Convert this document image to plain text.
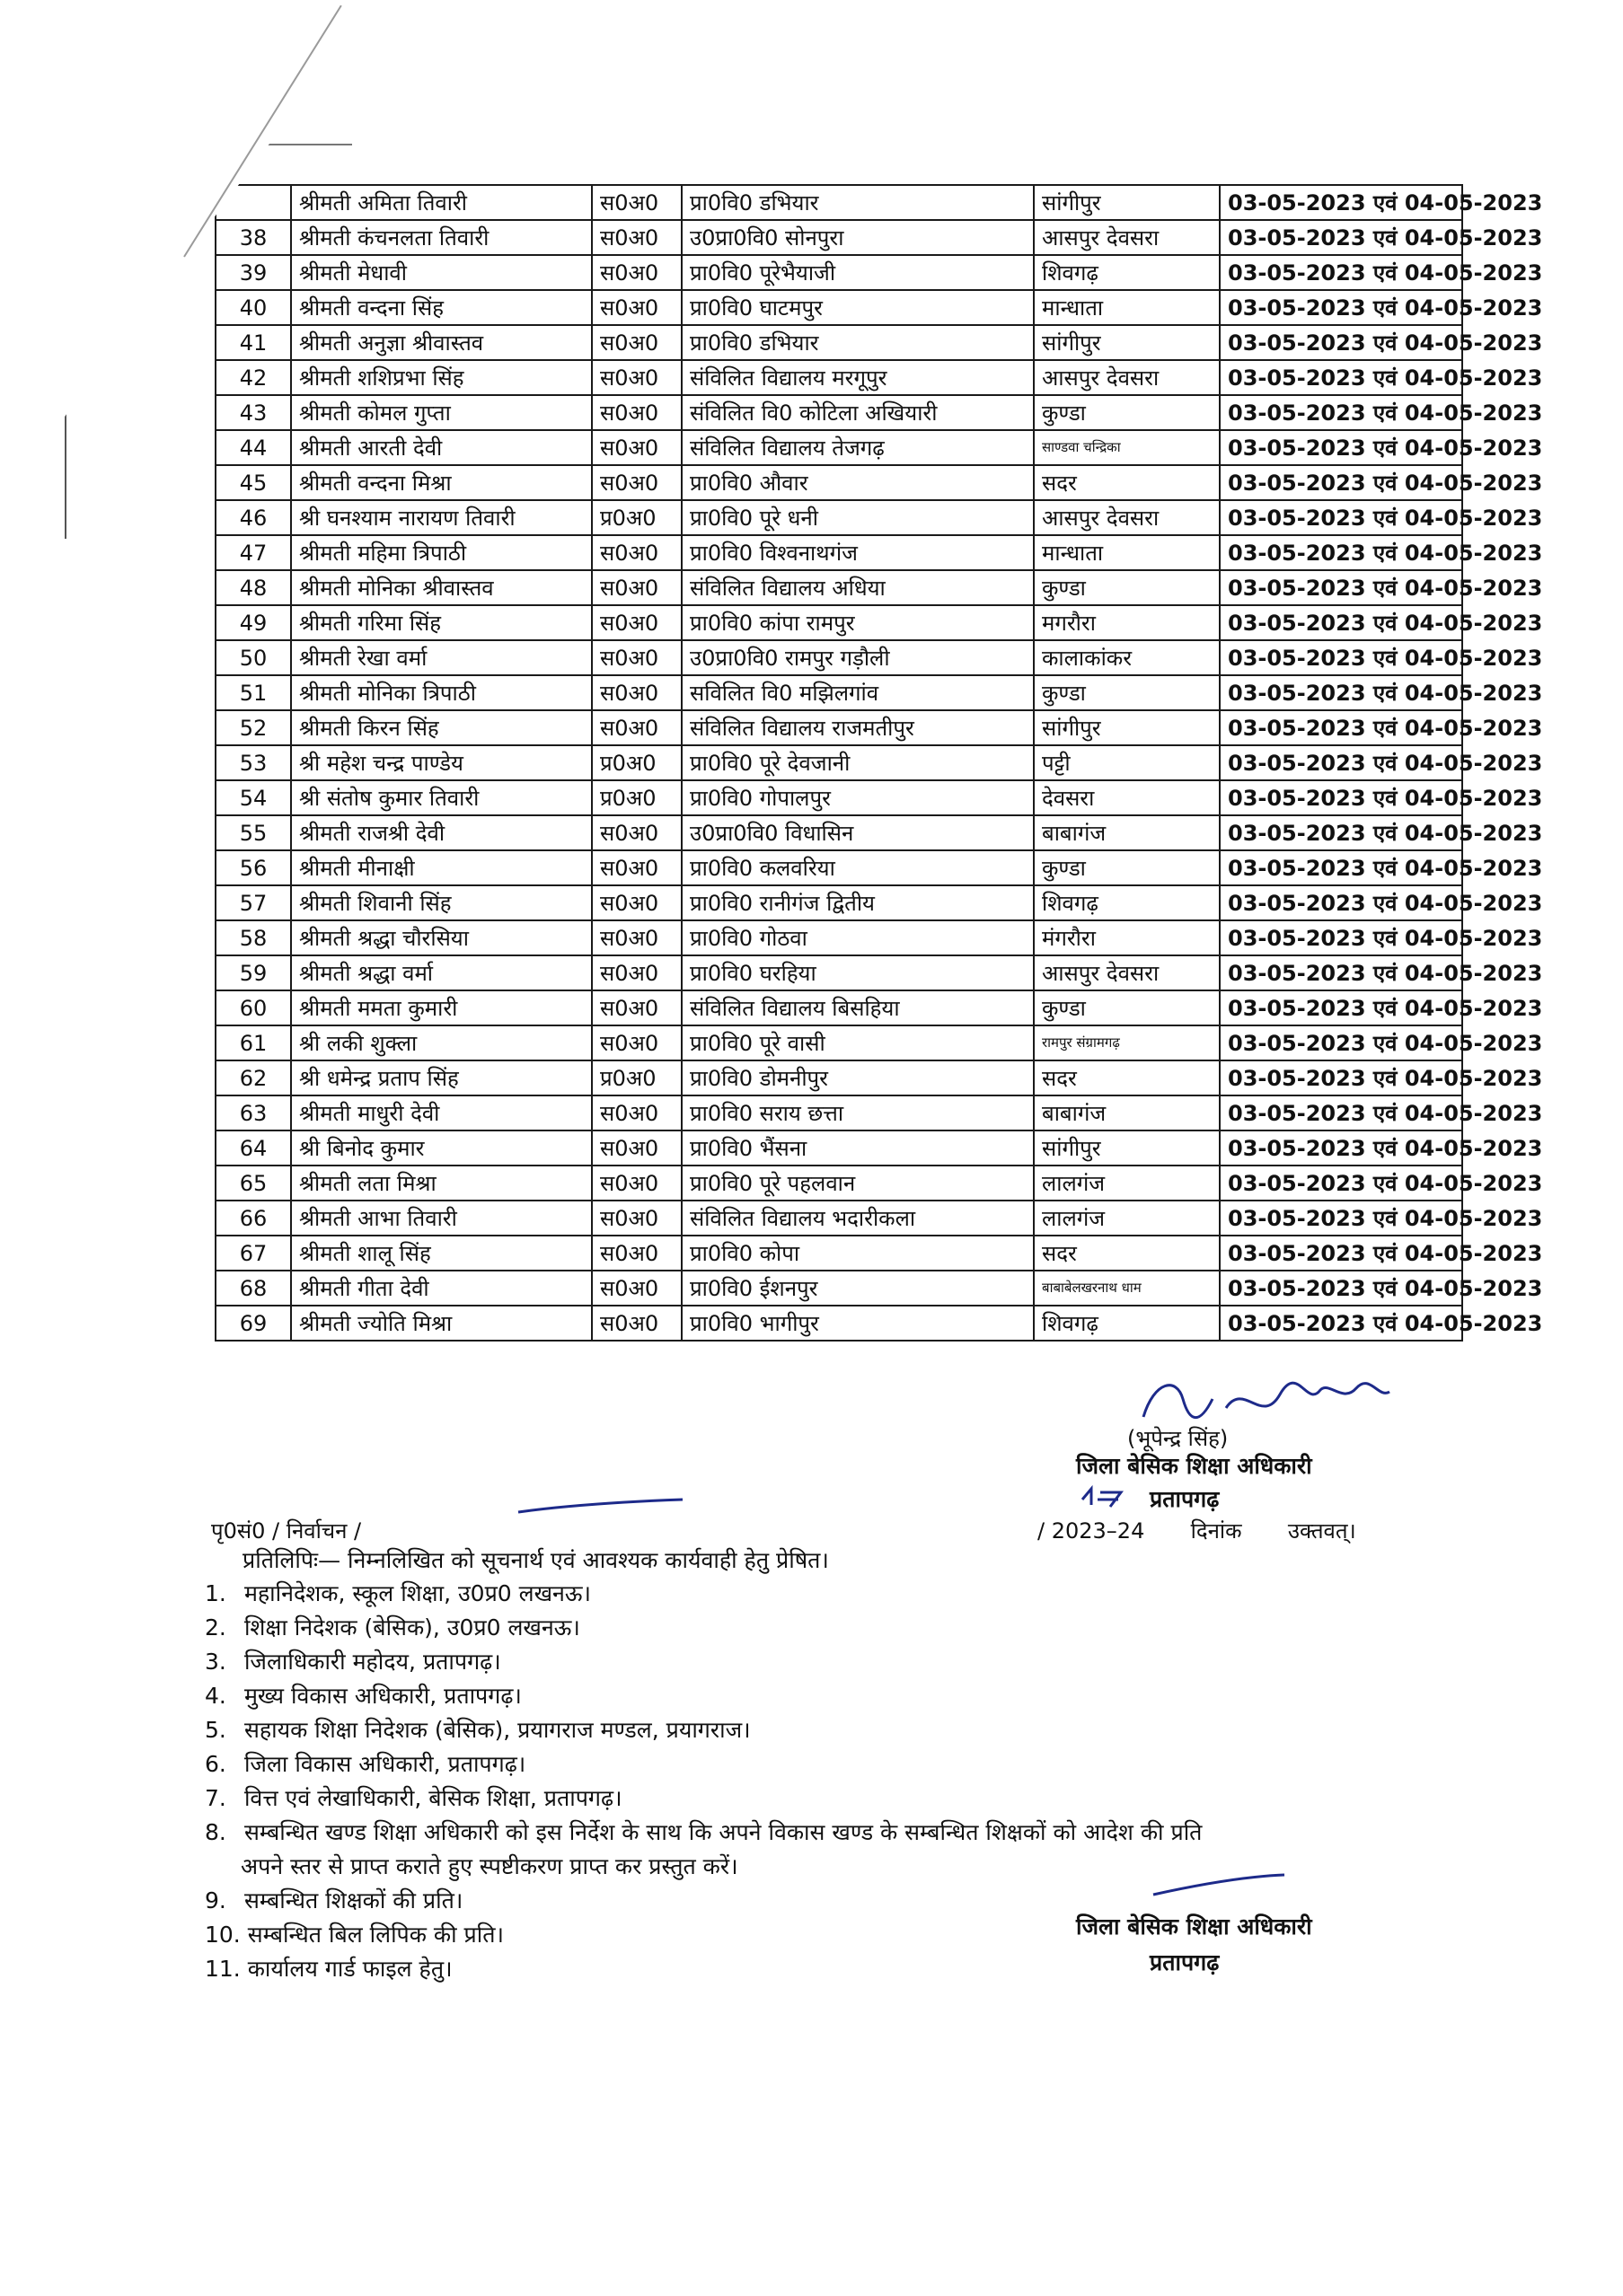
	श्रीमती अमिता तिवारी	स0अ0	प्रा0वि0 डभियार	सांगीपुर	03-05-2023 एवं 04-05-2023
38	श्रीमती कंचनलता तिवारी	स0अ0	उ0प्रा0वि0 सोनपुरा	आसपुर देवसरा	03-05-2023 एवं 04-05-2023
39	श्रीमती मेधावी	स0अ0	प्रा0वि0 पूरेभैयाजी	शिवगढ़	03-05-2023 एवं 04-05-2023
40	श्रीमती वन्दना सिंह	स0अ0	प्रा0वि0 घाटमपुर	मान्धाता	03-05-2023 एवं 04-05-2023
41	श्रीमती अनुज्ञा श्रीवास्तव	स0अ0	प्रा0वि0 डभियार	सांगीपुर	03-05-2023 एवं 04-05-2023
42	श्रीमती शशिप्रभा सिंह	स0अ0	संविलित विद्यालय मरगूपुर	आसपुर देवसरा	03-05-2023 एवं 04-05-2023
43	श्रीमती कोमल गुप्ता	स0अ0	संविलित वि0 कोटिला अखियारी	कुण्डा	03-05-2023 एवं 04-05-2023
44	श्रीमती आरती देवी	स0अ0	संविलित विद्यालय तेजगढ़	साण्डवा चन्द्रिका	03-05-2023 एवं 04-05-2023
45	श्रीमती वन्दना मिश्रा	स0अ0	प्रा0वि0 औवार	सदर	03-05-2023 एवं 04-05-2023
46	श्री घनश्याम नारायण तिवारी	प्र0अ0	प्रा0वि0 पूरे धनी	आसपुर देवसरा	03-05-2023 एवं 04-05-2023
47	श्रीमती महिमा त्रिपाठी	स0अ0	प्रा0वि0 विश्वनाथगंज	मान्धाता	03-05-2023 एवं 04-05-2023
48	श्रीमती मोनिका श्रीवास्तव	स0अ0	संविलित विद्यालय अधिया	कुण्डा	03-05-2023 एवं 04-05-2023
49	श्रीमती गरिमा सिंह	स0अ0	प्रा0वि0 कांपा रामपुर	मगरौरा	03-05-2023 एवं 04-05-2023
50	श्रीमती रेखा वर्मा	स0अ0	उ0प्रा0वि0 रामपुर गड़ौली	कालाकांकर	03-05-2023 एवं 04-05-2023
51	श्रीमती मोनिका त्रिपाठी	स0अ0	सविलित वि0 मझिलगांव	कुण्डा	03-05-2023 एवं 04-05-2023
52	श्रीमती किरन सिंह	स0अ0	संविलित विद्यालय राजमतीपुर	सांगीपुर	03-05-2023 एवं 04-05-2023
53	श्री महेश चन्द्र पाण्डेय	प्र0अ0	प्रा0वि0 पूरे देवजानी	पट्टी	03-05-2023 एवं 04-05-2023
54	श्री संतोष कुमार तिवारी	प्र0अ0	प्रा0वि0 गोपालपुर	देवसरा	03-05-2023 एवं 04-05-2023
55	श्रीमती राजश्री देवी	स0अ0	उ0प्रा0वि0 विधासिन	बाबागंज	03-05-2023 एवं 04-05-2023
56	श्रीमती मीनाक्षी	स0अ0	प्रा0वि0 कलवरिया	कुण्डा	03-05-2023 एवं 04-05-2023
57	श्रीमती शिवानी सिंह	स0अ0	प्रा0वि0 रानीगंज द्वितीय	शिवगढ़	03-05-2023 एवं 04-05-2023
58	श्रीमती श्रद्धा चौरसिया	स0अ0	प्रा0वि0 गोठवा	मंगरौरा	03-05-2023 एवं 04-05-2023
59	श्रीमती श्रद्धा वर्मा	स0अ0	प्रा0वि0 घरहिया	आसपुर देवसरा	03-05-2023 एवं 04-05-2023
60	श्रीमती ममता कुमारी	स0अ0	संविलित विद्यालय बिसहिया	कुण्डा	03-05-2023 एवं 04-05-2023
61	श्री लकी शुक्ला	स0अ0	प्रा0वि0 पूरे वासी	रामपुर संग्रामगढ़	03-05-2023 एवं 04-05-2023
62	श्री धमेन्द्र प्रताप सिंह	प्र0अ0	प्रा0वि0 डोमनीपुर	सदर	03-05-2023 एवं 04-05-2023
63	श्रीमती माधुरी देवी	स0अ0	प्रा0वि0 सराय छत्ता	बाबागंज	03-05-2023 एवं 04-05-2023
64	श्री बिनोद कुमार	स0अ0	प्रा0वि0 भैंसना	सांगीपुर	03-05-2023 एवं 04-05-2023
65	श्रीमती लता मिश्रा	स0अ0	प्रा0वि0 पूरे पहलवान	लालगंज	03-05-2023 एवं 04-05-2023
66	श्रीमती आभा तिवारी	स0अ0	संविलित विद्यालय भदारीकला	लालगंज	03-05-2023 एवं 04-05-2023
67	श्रीमती शालू सिंह	स0अ0	प्रा0वि0 कोपा	सदर	03-05-2023 एवं 04-05-2023
68	श्रीमती गीता देवी	स0अ0	प्रा0वि0 ईशनपुर	बाबाबेलखरनाथ धाम	03-05-2023 एवं 04-05-2023
69	श्रीमती ज्योति मिश्रा	स0अ0	प्रा0वि0 भागीपुर	शिवगढ़	03-05-2023 एवं 04-05-2023
(भूपेन्द्र सिंह)
जिला बेसिक शिक्षा अधिकारी
प्रतापगढ़
पृ0सं0 / निर्वाचन /	/ 2023–24 दिनांक उक्तवत्।
प्रतिलिपिः— निम्नलिखित को सूचनार्थ एवं आवश्यक कार्यवाही हेतु प्रेषित।
1. महानिदेशक, स्कूल शिक्षा, उ0प्र0 लखनऊ।
2. शिक्षा निदेशक (बेसिक), उ0प्र0 लखनऊ।
3. जिलाधिकारी महोदय, प्रतापगढ़।
4. मुख्य विकास अधिकारी, प्रतापगढ़।
5. सहायक शिक्षा निदेशक (बेसिक), प्रयागराज मण्डल, प्रयागराज।
6. जिला विकास अधिकारी, प्रतापगढ़।
7. वित्त एवं लेखाधिकारी, बेसिक शिक्षा, प्रतापगढ़।
8. सम्बन्धित खण्ड शिक्षा अधिकारी को इस निर्देश के साथ कि अपने विकास खण्ड के सम्बन्धित शिक्षकों को आदेश की प्रति
अपने स्तर से प्राप्त कराते हुए स्पष्टीकरण प्राप्त कर प्रस्तुत करें।
9. सम्बन्धित शिक्षकों की प्रति।
10. सम्बन्धित बिल लिपिक की प्रति।
11. कार्यालय गार्ड फाइल हेतु।
जिला बेसिक शिक्षा अधिकारी
प्रतापगढ़
